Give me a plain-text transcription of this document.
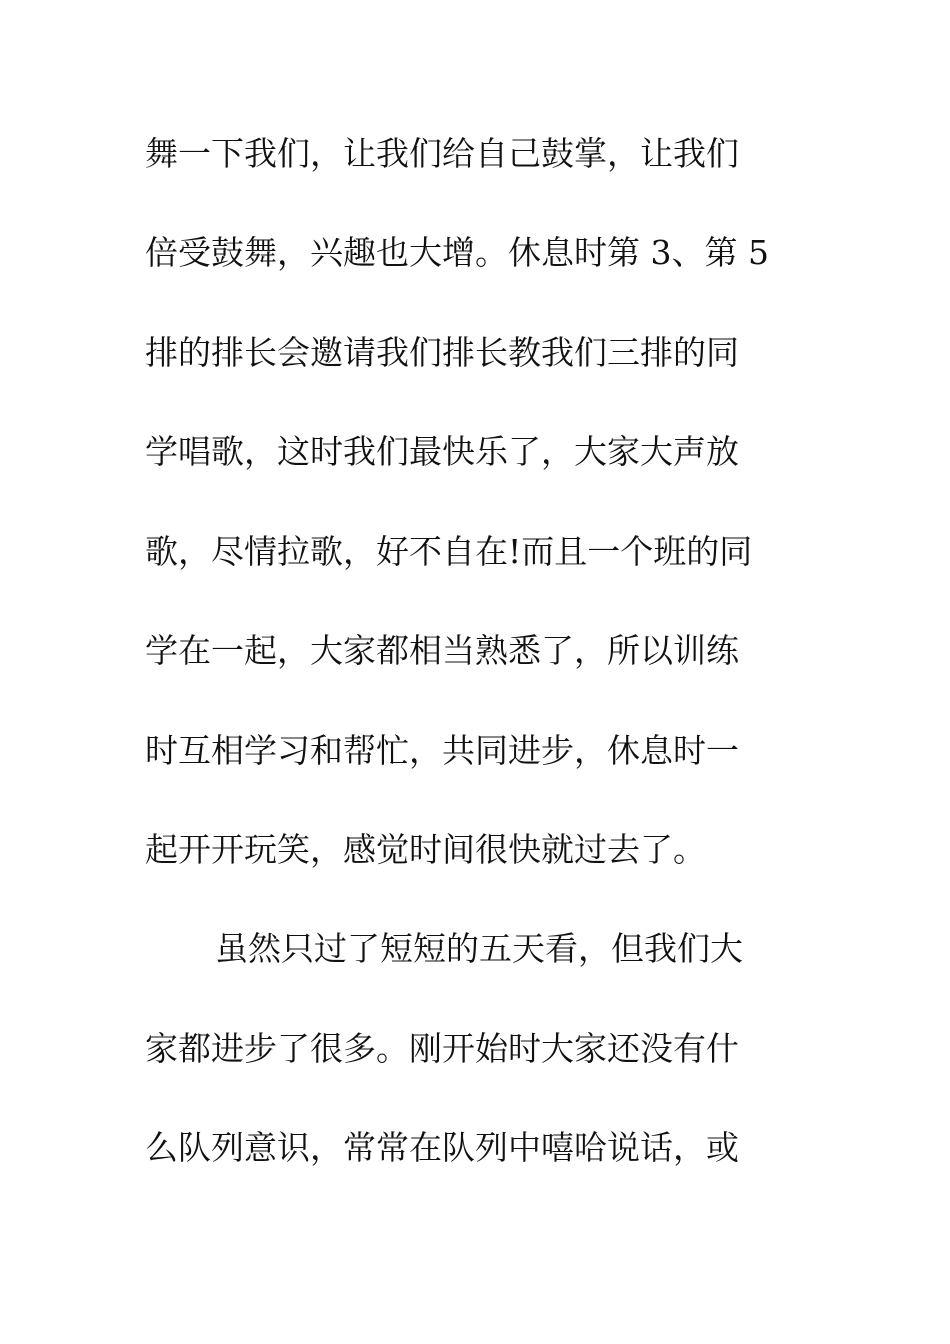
舞一下我们，让我们给自己鼓掌，让我们
倍受鼓舞，兴趣也大增。休息时第 3、第 5
排的排长会邀请我们排长教我们三排的同
学唱歌，这时我们最快乐了，大家大声放
歌，尽情拉歌，好不自在!而且一个班的同
学在一起，大家都相当熟悉了，所以训练
时互相学习和帮忙，共同进步，休息时一
起开开玩笑，感觉时间很快就过去了。
虽然只过了短短的五天看，但我们大
家都进步了很多。刚开始时大家还没有什
么队列意识，常常在队列中嘻哈说话，或
